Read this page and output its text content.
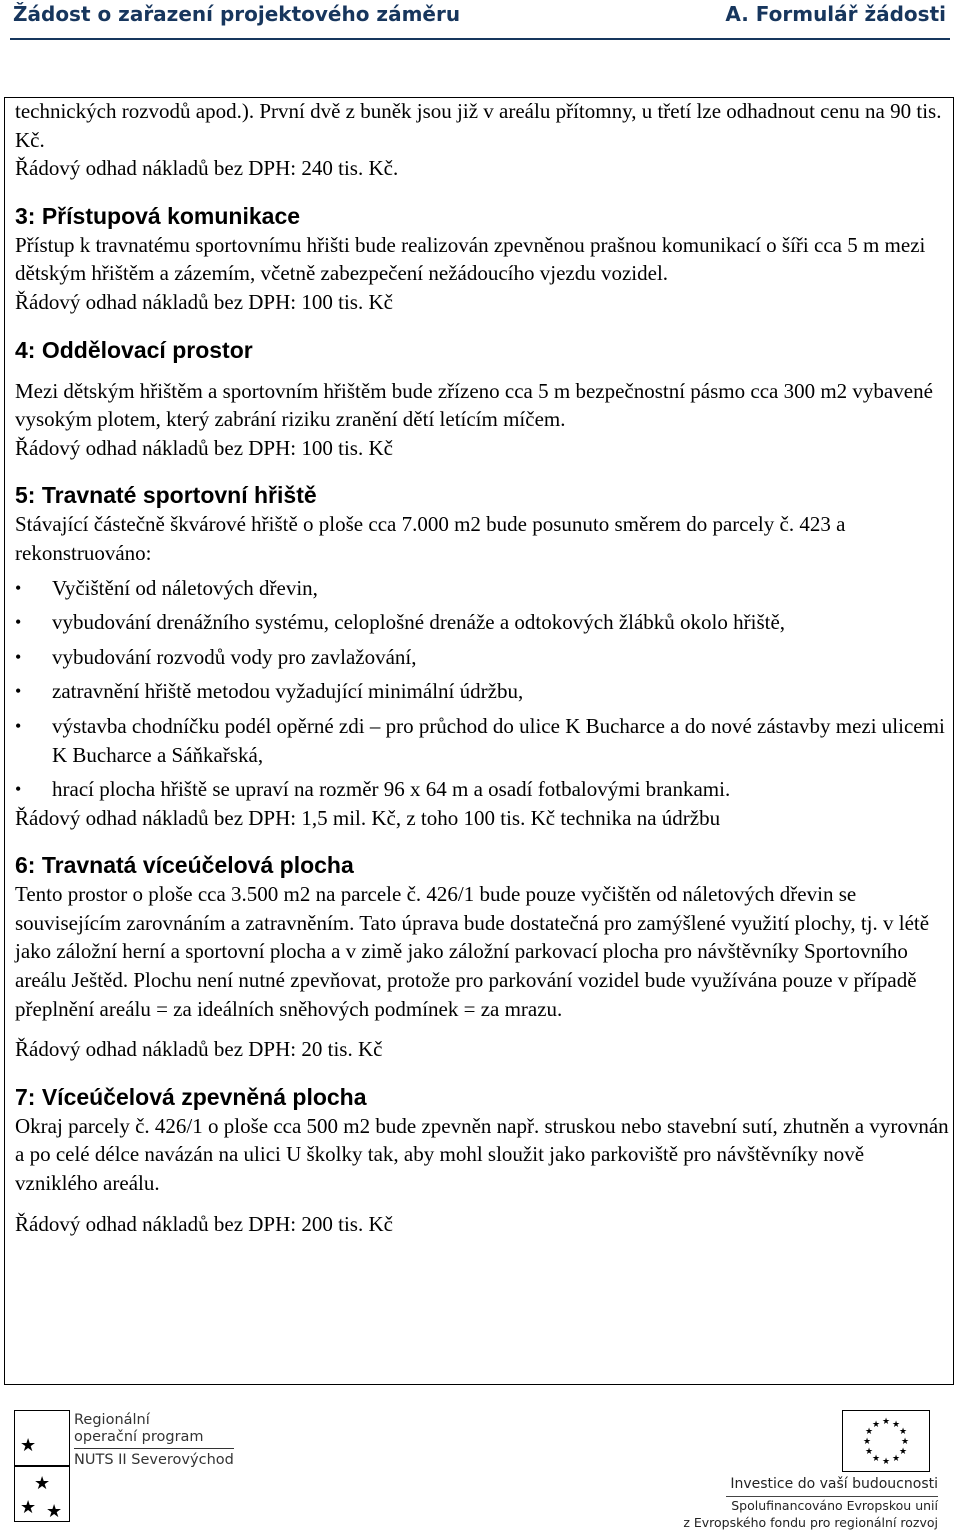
Žádost o zařazení projektového záměru	A. Formulář žádosti

technických rozvodů apod.). První dvě z buněk jsou již v areálu přítomny, u třetí lze odhadnout cenu na 90 tis. Kč.

Řádový odhad nákladů bez DPH: 240 tis. Kč.

3: Přístupová komunikace

Přístup k travnatému sportovnímu hřišti bude realizován zpevněnou prašnou komunikací o šíři cca 5 m mezi dětským hřištěm a zázemím, včetně zabezpečení nežádoucího vjezdu vozidel.

Řádový odhad nákladů bez DPH: 100 tis. Kč

4: Oddělovací prostor

Mezi dětským hřištěm a sportovním hřištěm bude zřízeno cca 5 m bezpečnostní pásmo cca 300 m2 vybavené vysokým plotem, který zabrání riziku zranění dětí letícím míčem.

Řádový odhad nákladů bez DPH: 100 tis. Kč

5: Travnaté sportovní hřiště

Stávající částečně škvárové hřiště o ploše cca 7.000 m2 bude posunuto směrem do parcely č. 423 a rekonstruováno:

• Vyčištění od náletových dřevin,
• vybudování drenážního systému, celoplošné drenáže a odtokových žlábků okolo hřiště,
• vybudování rozvodů vody pro zavlažování,
• zatravnění hřiště metodou vyžadující minimální údržbu,
• výstavba chodníčku podél opěrné zdi – pro průchod do ulice K Bucharce a do nové zástavby mezi ulicemi K Bucharce a Sáňkařská,
• hrací plocha hřiště se upraví na rozměr 96 x 64 m a osadí fotbalovými brankami.

Řádový odhad nákladů bez DPH: 1,5 mil. Kč, z toho 100 tis. Kč technika na údržbu

6: Travnatá víceúčelová plocha

Tento prostor o ploše cca 3.500 m2 na parcele č. 426/1 bude pouze vyčištěn od náletových dřevin se souvisejícím zarovnáním a zatravněním. Tato úprava bude dostatečná pro zamýšlené využití plochy, tj. v létě jako záložní herní a sportovní plocha a v zimě jako záložní parkovací plocha pro návštěvníky Sportovního areálu Ještěd. Plochu není nutné zpevňovat, protože pro parkování vozidel bude využívána pouze v případě přeplnění areálu = za ideálních sněhových podmínek = za mrazu.

Řádový odhad nákladů bez DPH: 20 tis. Kč

7: Víceúčelová zpevněná plocha

Okraj parcely č. 426/1 o ploše cca 500 m2 bude zpevněn např. struskou nebo stavební sutí, zhutněn a vyrovnán a po celé délce navázán na ulici U školky tak, aby mohl sloužit jako parkoviště pro návštěvníky nově vzniklého areálu.

Řádový odhad nákladů bez DPH: 200 tis. Kč

★
★
★ ★
Regionální
operační program
NUTS II Severovýchod
★ ★
★
★
★
★
★
★
★
★
★
★
Investice do vaší budoucnosti
Spolufinancováno Evropskou unií
z Evropského fondu pro regionální rozvoj
